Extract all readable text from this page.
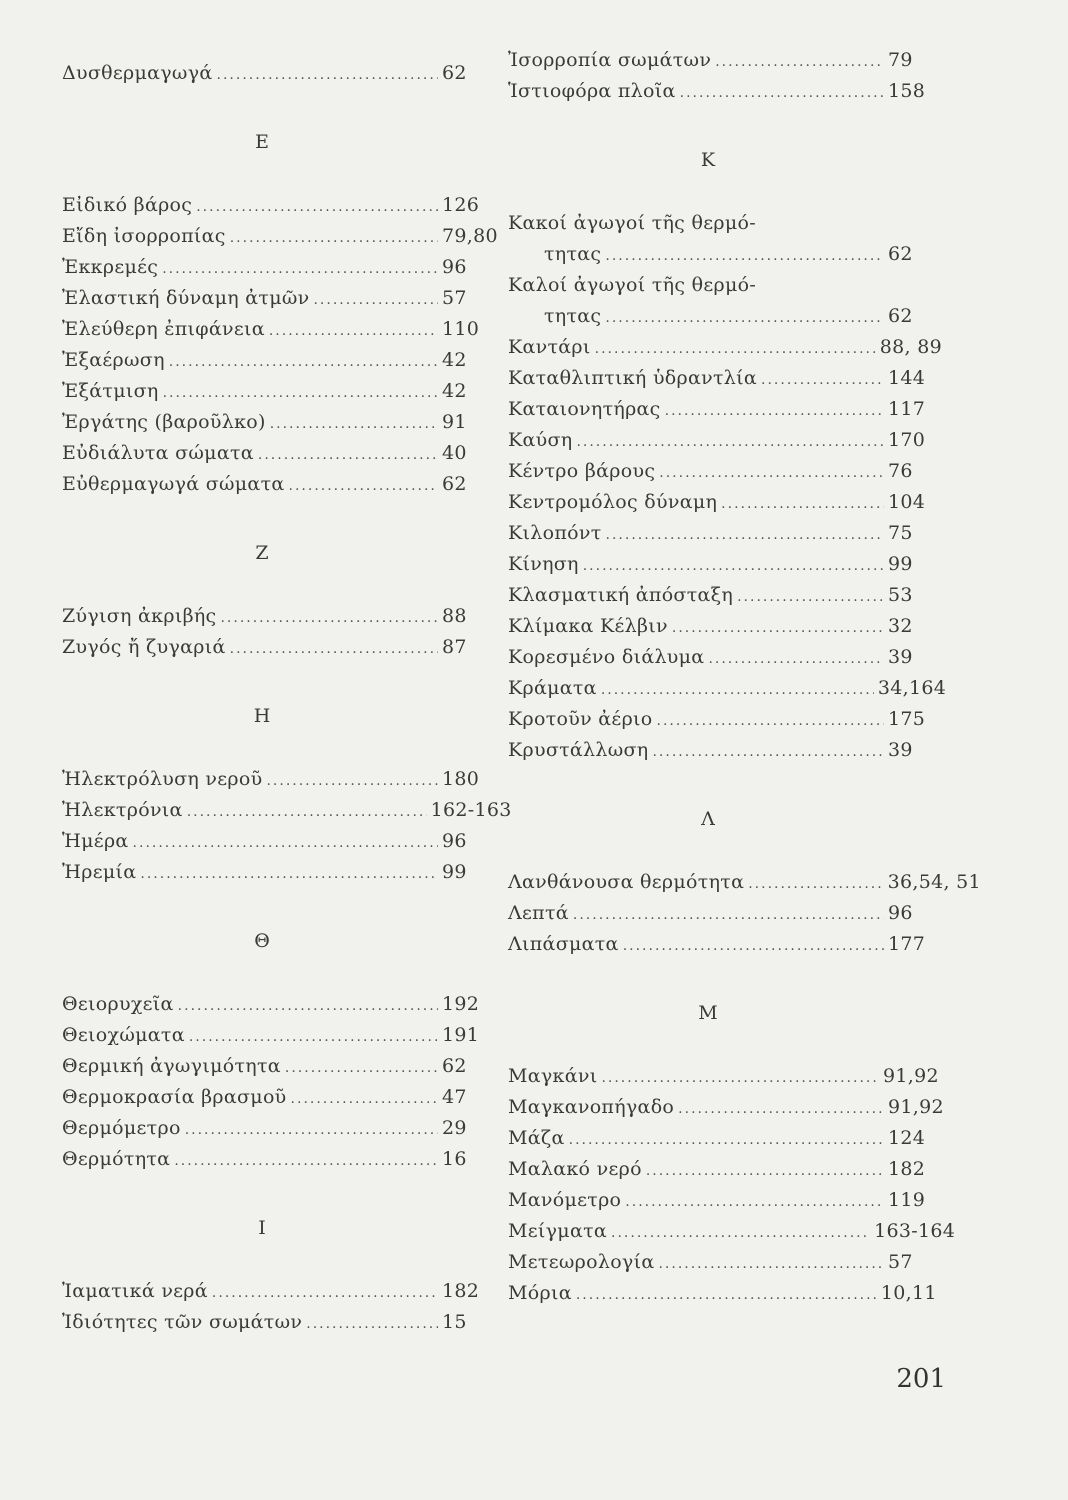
Δυσθερμαγωγά .....	62
Ε
Εἰδικό βάρος .....	126
Εἴδη ἰσορροπίας .....	79,80
Ἐκκρεμές .....	96
Ἐλαστική δύναμη ἀτμῶν .....	57
Ἐλεύθερη ἐπιφάνεια .....	110
Ἐξαέρωση .....	42
Ἐξάτμιση .....	42
Ἐργάτης (βαροῦλκο) .....	91
Εὐδιάλυτα σώματα .....	40
Εὐθερμαγωγά σώματα .....	62
Ζ
Ζύγιση ἀκριβής .....	88
Ζυγός ἤ ζυγαριά .....	87
Η
Ἠλεκτρόλυση νεροῦ .....	180
Ἠλεκτρόνια .....	162-163
Ἡμέρα .....	96
Ἠρεμία .....	99
Θ
Θειορυχεῖα .....	192
Θειοχώματα .....	191
Θερμική ἀγωγιμότητα .....	62
Θερμοκρασία βρασμοῦ .....	47
Θερμόμετρο .....	29
Θερμότητα .....	16
Ι
Ἰαματικά νερά .....	182
Ἰδιότητες τῶν σωμάτων .....	15
Ἰσορροπία σωμάτων .....	79
Ἱστιοφόρα πλοῖα .....	158
Κ
Κακοί ἀγωγοί τῆς θερμό-
τητας .....	62
Καλοί ἀγωγοί τῆς θερμό-
τητας .....	62
Καντάρι .....	88, 89
Καταθλιπτική ὑδραντλία .....	144
Καταιονητήρας .....	117
Καύση .....	170
Κέντρο βάρους .....	76
Κεντρομόλος δύναμη .....	104
Κιλοπόντ .....	75
Κίνηση .....	99
Κλασματική ἀπόσταξη .....	53
Κλίμακα Κέλβιν .....	32
Κορεσμένο διάλυμα .....	39
Κράματα .....	34,164
Κροτοῦν ἀέριο .....	175
Κρυστάλλωση .....	39
Λ
Λανθάνουσα θερμότητα .....	36,54, 51
Λεπτά .....	96
Λιπάσματα .....	177
Μ
Μαγκάνι .....	91,92
Μαγκανοπήγαδο .....	91,92
Μάζα .....	124
Μαλακό νερό .....	182
Μανόμετρο .....	119
Μείγματα .....	163-164
Μετεωρολογία .....	57
Μόρια .....	10,11
201
